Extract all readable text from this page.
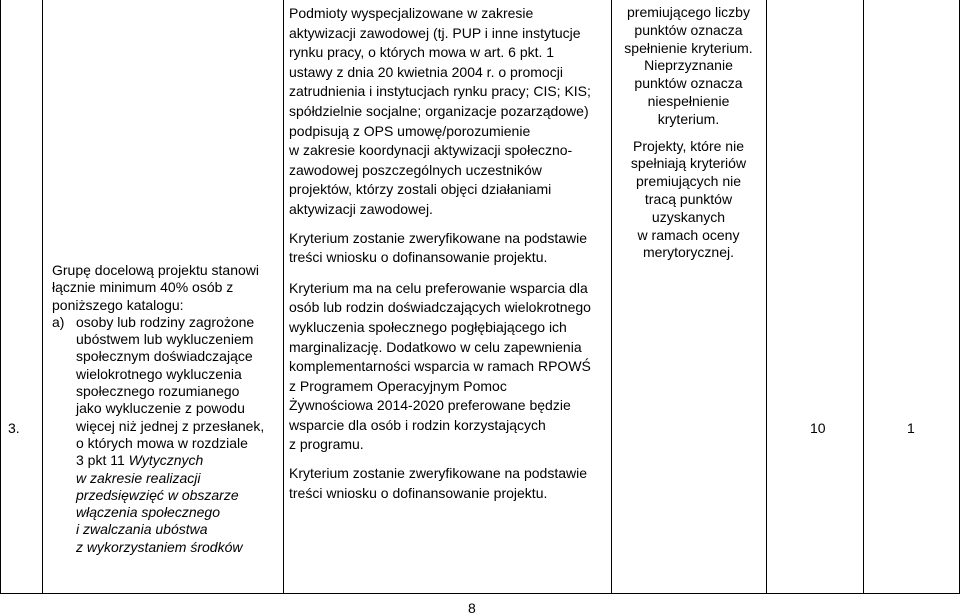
3.

Grupę docelową projektu stanowi

łącznie minimum 40% osób z

poniższego katalogu:

a) osoby lub rodziny zagrożone

ubóstwem lub wykluczeniem

społecznym doświadczające

wielokrotnego wykluczenia

społecznego rozumianego

jako wykluczenie z powodu

więcej niż jednej z przesłanek,

o których mowa w rozdziale

3 pkt 11 Wytycznych

w zakresie realizacji

przedsięwzięć w obszarze

włączenia społecznego

i zwalczania ubóstwa

z wykorzystaniem środków

Podmioty wyspecjalizowane w zakresie

aktywizacji zawodowej (tj. PUP i inne instytucje

rynku pracy, o których mowa w art. 6 pkt. 1

ustawy z dnia 20 kwietnia 2004 r. o promocji

zatrudnienia i instytucjach rynku pracy; CIS; KIS;

spółdzielnie socjalne; organizacje pozarządowe)

podpisują z OPS umowę/porozumienie

w zakresie koordynacji aktywizacji społeczno-

zawodowej poszczególnych uczestników

projektów, którzy zostali objęci działaniami

aktywizacji zawodowej.

Kryterium zostanie zweryfikowane na podstawie

treści wniosku o dofinansowanie projektu.

Kryterium ma na celu preferowanie wsparcia dla

osób lub rodzin doświadczających wielokrotnego

wykluczenia społecznego pogłębiającego ich

marginalizację. Dodatkowo w celu zapewnienia

komplementarności wsparcia w ramach RPOWŚ

z Programem Operacyjnym Pomoc

Żywnościowa 2014-2020 preferowane będzie

wsparcie dla osób i rodzin korzystających

z programu.

Kryterium zostanie zweryfikowane na podstawie

treści wniosku o dofinansowanie projektu.

premiującego liczby

punktów oznacza

spełnienie kryterium.

Nieprzyznanie

punktów oznacza

niespełnienie

kryterium.

Projekty, które nie

spełniają kryteriów

premiujących nie

tracą punktów

uzyskanych

w ramach oceny

merytorycznej.

10	1
8
